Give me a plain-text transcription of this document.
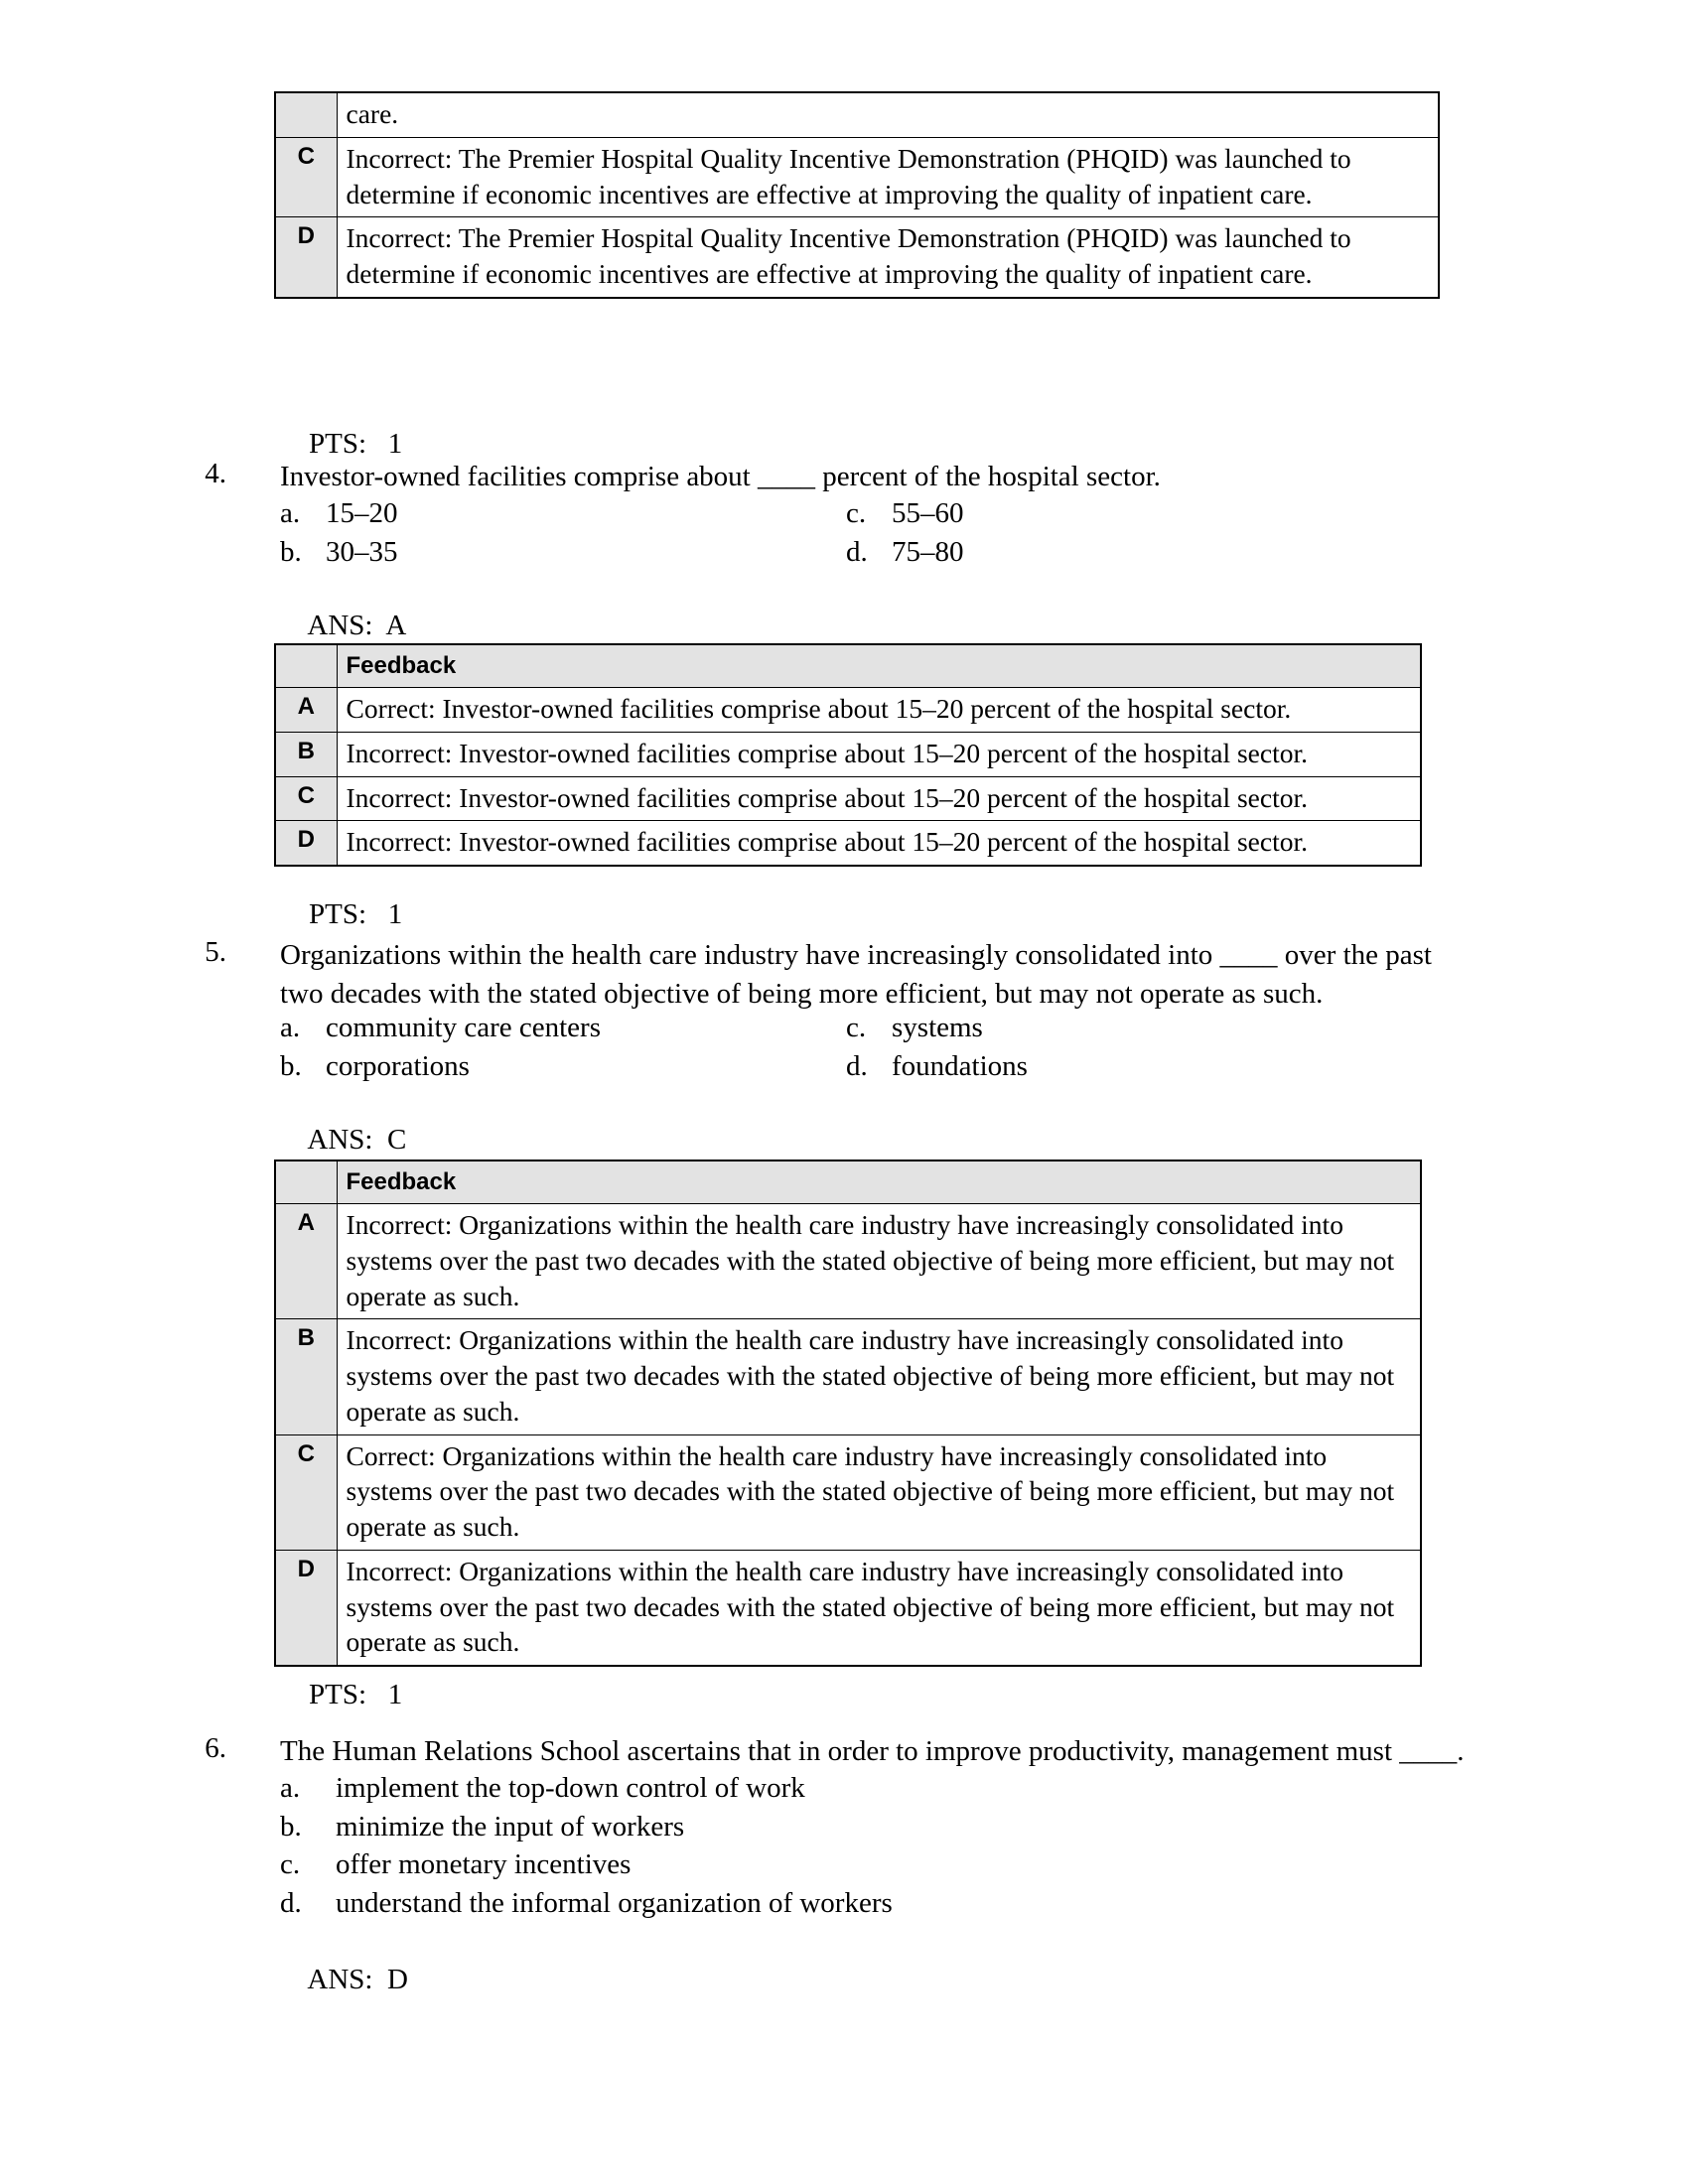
	care.
C	Incorrect: The Premier Hospital Quality Incentive Demonstration (PHQID) was launched to determine if economic incentives are effective at improving the quality of inpatient care.
D	Incorrect: The Premier Hospital Quality Incentive Demonstration (PHQID) was launched to determine if economic incentives are effective at improving the quality of inpatient care.

PTS: 1

4. Investor-owned facilities comprise about ____ percent of the hospital sector.
a. 15–20	c. 55–60
b. 30–35	d. 75–80

ANS: A

	Feedback
A	Correct: Investor-owned facilities comprise about 15–20 percent of the hospital sector.
B	Incorrect: Investor-owned facilities comprise about 15–20 percent of the hospital sector.
C	Incorrect: Investor-owned facilities comprise about 15–20 percent of the hospital sector.
D	Incorrect: Investor-owned facilities comprise about 15–20 percent of the hospital sector.

PTS: 1

5. Organizations within the health care industry have increasingly consolidated into ____ over the past two decades with the stated objective of being more efficient, but may not operate as such.
a. community care centers	c. systems
b. corporations	d. foundations

ANS: C

	Feedback
A	Incorrect: Organizations within the health care industry have increasingly consolidated into systems over the past two decades with the stated objective of being more efficient, but may not operate as such.
B	Incorrect: Organizations within the health care industry have increasingly consolidated into systems over the past two decades with the stated objective of being more efficient, but may not operate as such.
C	Correct: Organizations within the health care industry have increasingly consolidated into systems over the past two decades with the stated objective of being more efficient, but may not operate as such.
D	Incorrect: Organizations within the health care industry have increasingly consolidated into systems over the past two decades with the stated objective of being more efficient, but may not operate as such.

PTS: 1

6. The Human Relations School ascertains that in order to improve productivity, management must ____.
a.	implement the top-down control of work
b.	minimize the input of workers
c.	offer monetary incentives
d.	understand the informal organization of workers

ANS: D
